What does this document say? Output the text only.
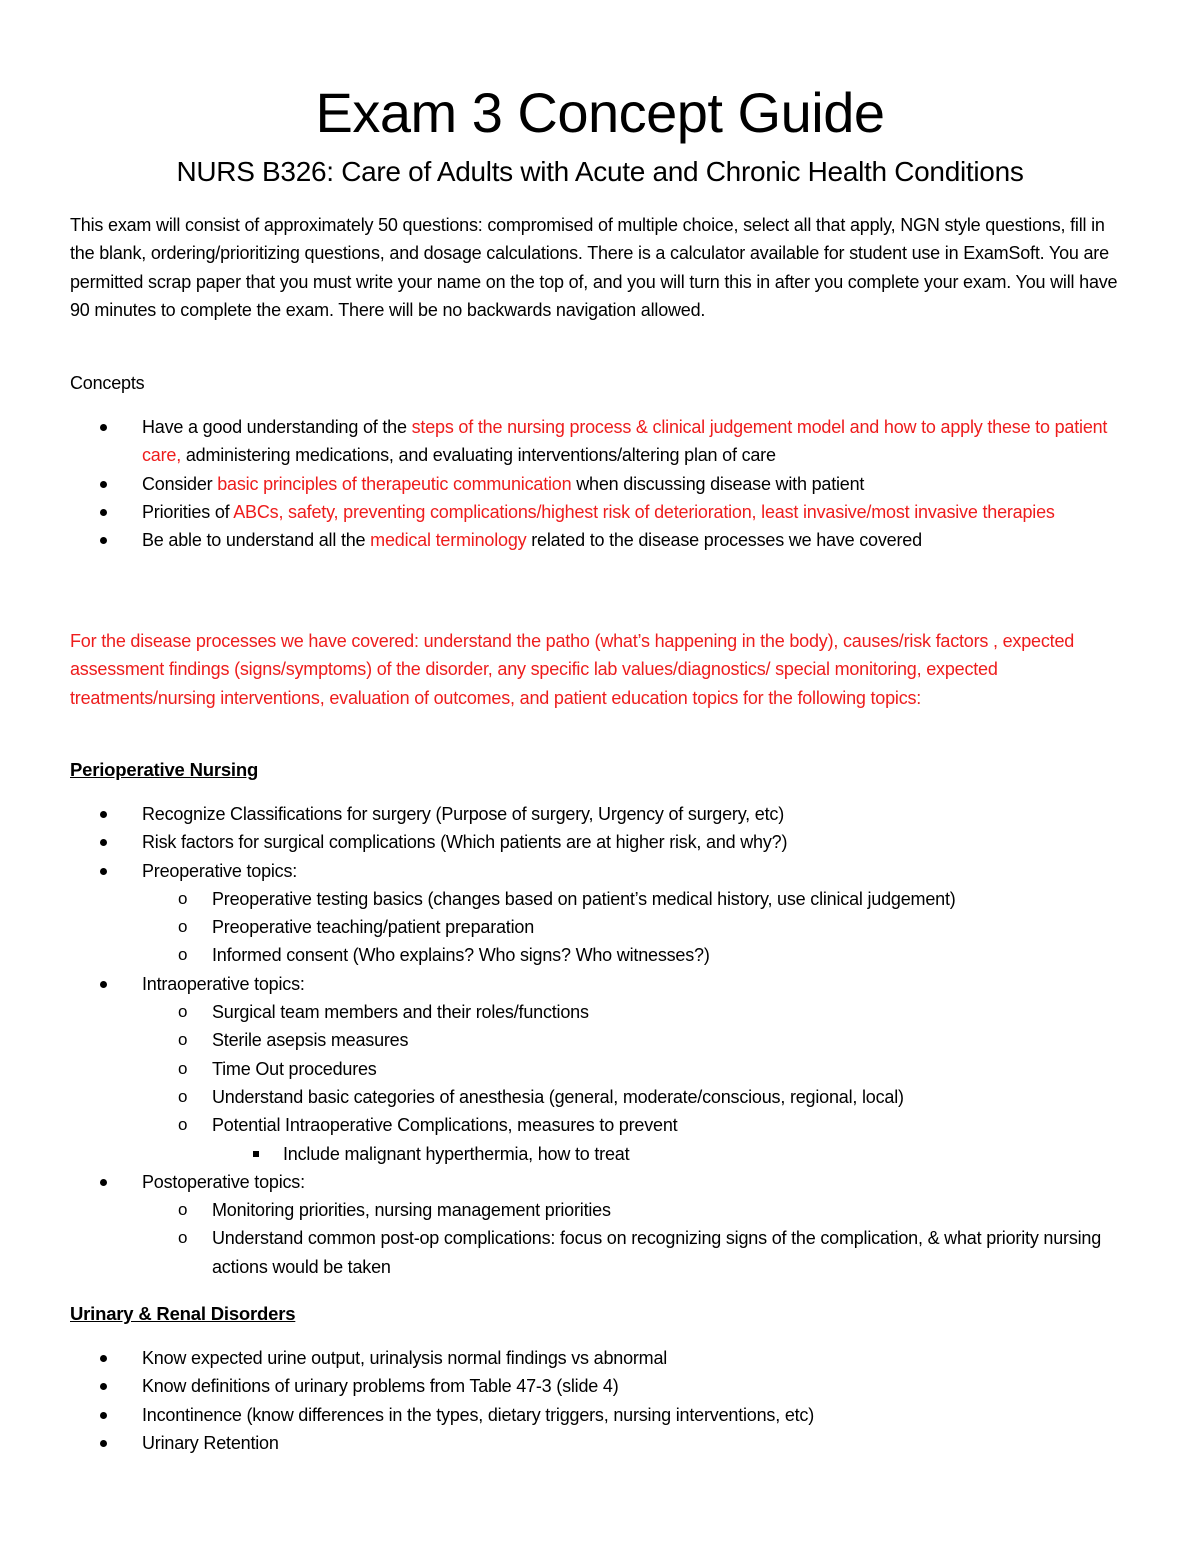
Exam 3 Concept Guide
NURS B326: Care of Adults with Acute and Chronic Health Conditions
This exam will consist of approximately 50 questions: compromised of multiple choice, select all that apply, NGN style questions, fill in the blank, ordering/prioritizing questions, and dosage calculations. There is a calculator available for student use in ExamSoft. You are permitted scrap paper that you must write your name on the top of, and you will turn this in after you complete your exam. You will have 90 minutes to complete the exam. There will be no backwards navigation allowed.
Concepts
Have a good understanding of the steps of the nursing process & clinical judgement model and how to apply these to patient care, administering medications, and evaluating interventions/altering plan of care
Consider basic principles of therapeutic communication when discussing disease with patient
Priorities of ABCs, safety, preventing complications/highest risk of deterioration, least invasive/most invasive therapies
Be able to understand all the medical terminology related to the disease processes we have covered
For the disease processes we have covered: understand the patho (what’s happening in the body), causes/risk factors , expected assessment findings (signs/symptoms) of the disorder, any specific lab values/diagnostics/ special monitoring, expected treatments/nursing interventions, evaluation of outcomes, and patient education topics for the following topics:
Perioperative Nursing
Recognize Classifications for surgery (Purpose of surgery, Urgency of surgery, etc)
Risk factors for surgical complications (Which patients are at higher risk, and why?)
Preoperative topics:
o Preoperative testing basics (changes based on patient’s medical history, use clinical judgement)
o Preoperative teaching/patient preparation
o Informed consent (Who explains? Who signs? Who witnesses?)
Intraoperative topics:
o Surgical team members and their roles/functions
o Sterile asepsis measures
o Time Out procedures
o Understand basic categories of anesthesia (general, moderate/conscious, regional, local)
o Potential Intraoperative Complications, measures to prevent
Include malignant hyperthermia, how to treat
Postoperative topics:
o Monitoring priorities, nursing management priorities
o Understand common post-op complications: focus on recognizing signs of the complication, & what priority nursing actions would be taken
Urinary & Renal Disorders
Know expected urine output, urinalysis normal findings vs abnormal
Know definitions of urinary problems from Table 47-3 (slide 4)
Incontinence (know differences in the types, dietary triggers, nursing interventions, etc)
Urinary Retention
